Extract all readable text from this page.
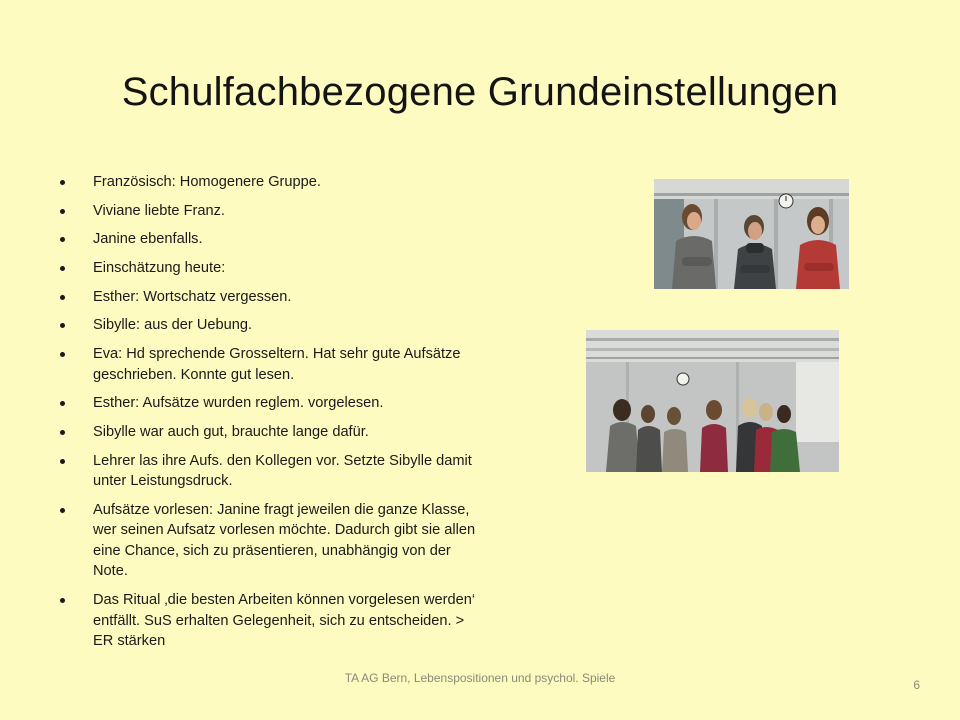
Schulfachbezogene Grundeinstellungen
Französisch: Homogenere Gruppe.
Viviane liebte Franz.
Janine ebenfalls.
Einschätzung heute:
Esther: Wortschatz vergessen.
Sibylle: aus der Uebung.
Eva: Hd sprechende Grosseltern. Hat sehr gute Aufsätze geschrieben. Konnte gut lesen.
Esther: Aufsätze wurden reglem. vorgelesen.
Sibylle war auch gut, brauchte lange dafür.
Lehrer las ihre Aufs. den Kollegen vor. Setzte Sibylle damit unter Leistungsdruck.
Aufsätze vorlesen: Janine fragt jeweilen die ganze Klasse, wer seinen Aufsatz vorlesen möchte. Dadurch gibt sie allen eine Chance, sich zu präsentieren, unabhängig von der Note.
Das Ritual ‚die besten Arbeiten können vorgelesen werden‘ entfällt. SuS erhalten Gelegenheit, sich zu entscheiden. > ER stärken
TA AG Bern, Lebenspositionen und psychol. Spiele	6
